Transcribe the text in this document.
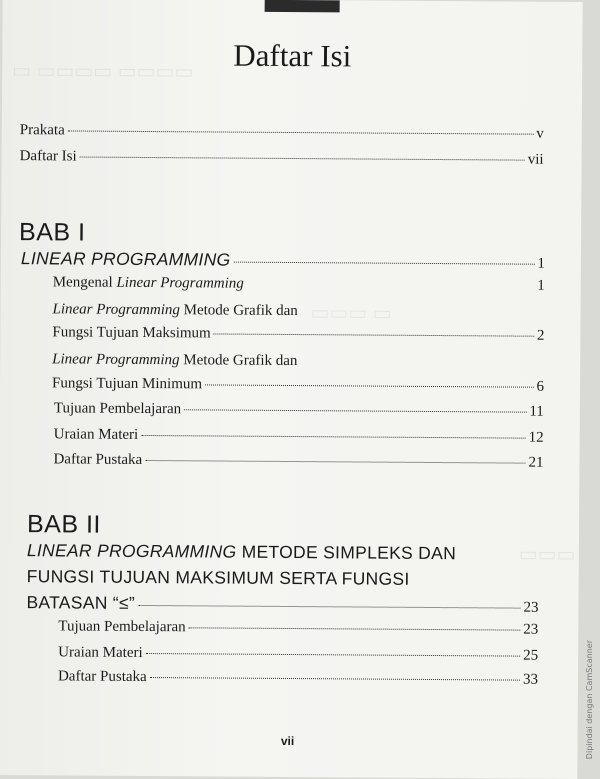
▭ ▭▭▭▭ ▭▭▭▭
▭▭▭ ▭
▭▭▭
Daftar Isi
Prakata	v
Daftar Isi	vii
BAB I
LINEAR PROGRAMMING	1
Mengenal Linear Programming	1
Linear Programming Metode Grafik dan
Fungsi Tujuan Maksimum	2
Linear Programming Metode Grafik dan
Fungsi Tujuan Minimum	6
Tujuan Pembelajaran	11
Uraian Materi	12
Daftar Pustaka	21
BAB II
LINEAR PROGRAMMING METODE SIMPLEKS DAN
FUNGSI TUJUAN MAKSIMUM SERTA FUNGSI
BATASAN “≤”	23
Tujuan Pembelajaran	23
Uraian Materi	25
Daftar Pustaka	33
vii	Dipindai dengan CamScanner
